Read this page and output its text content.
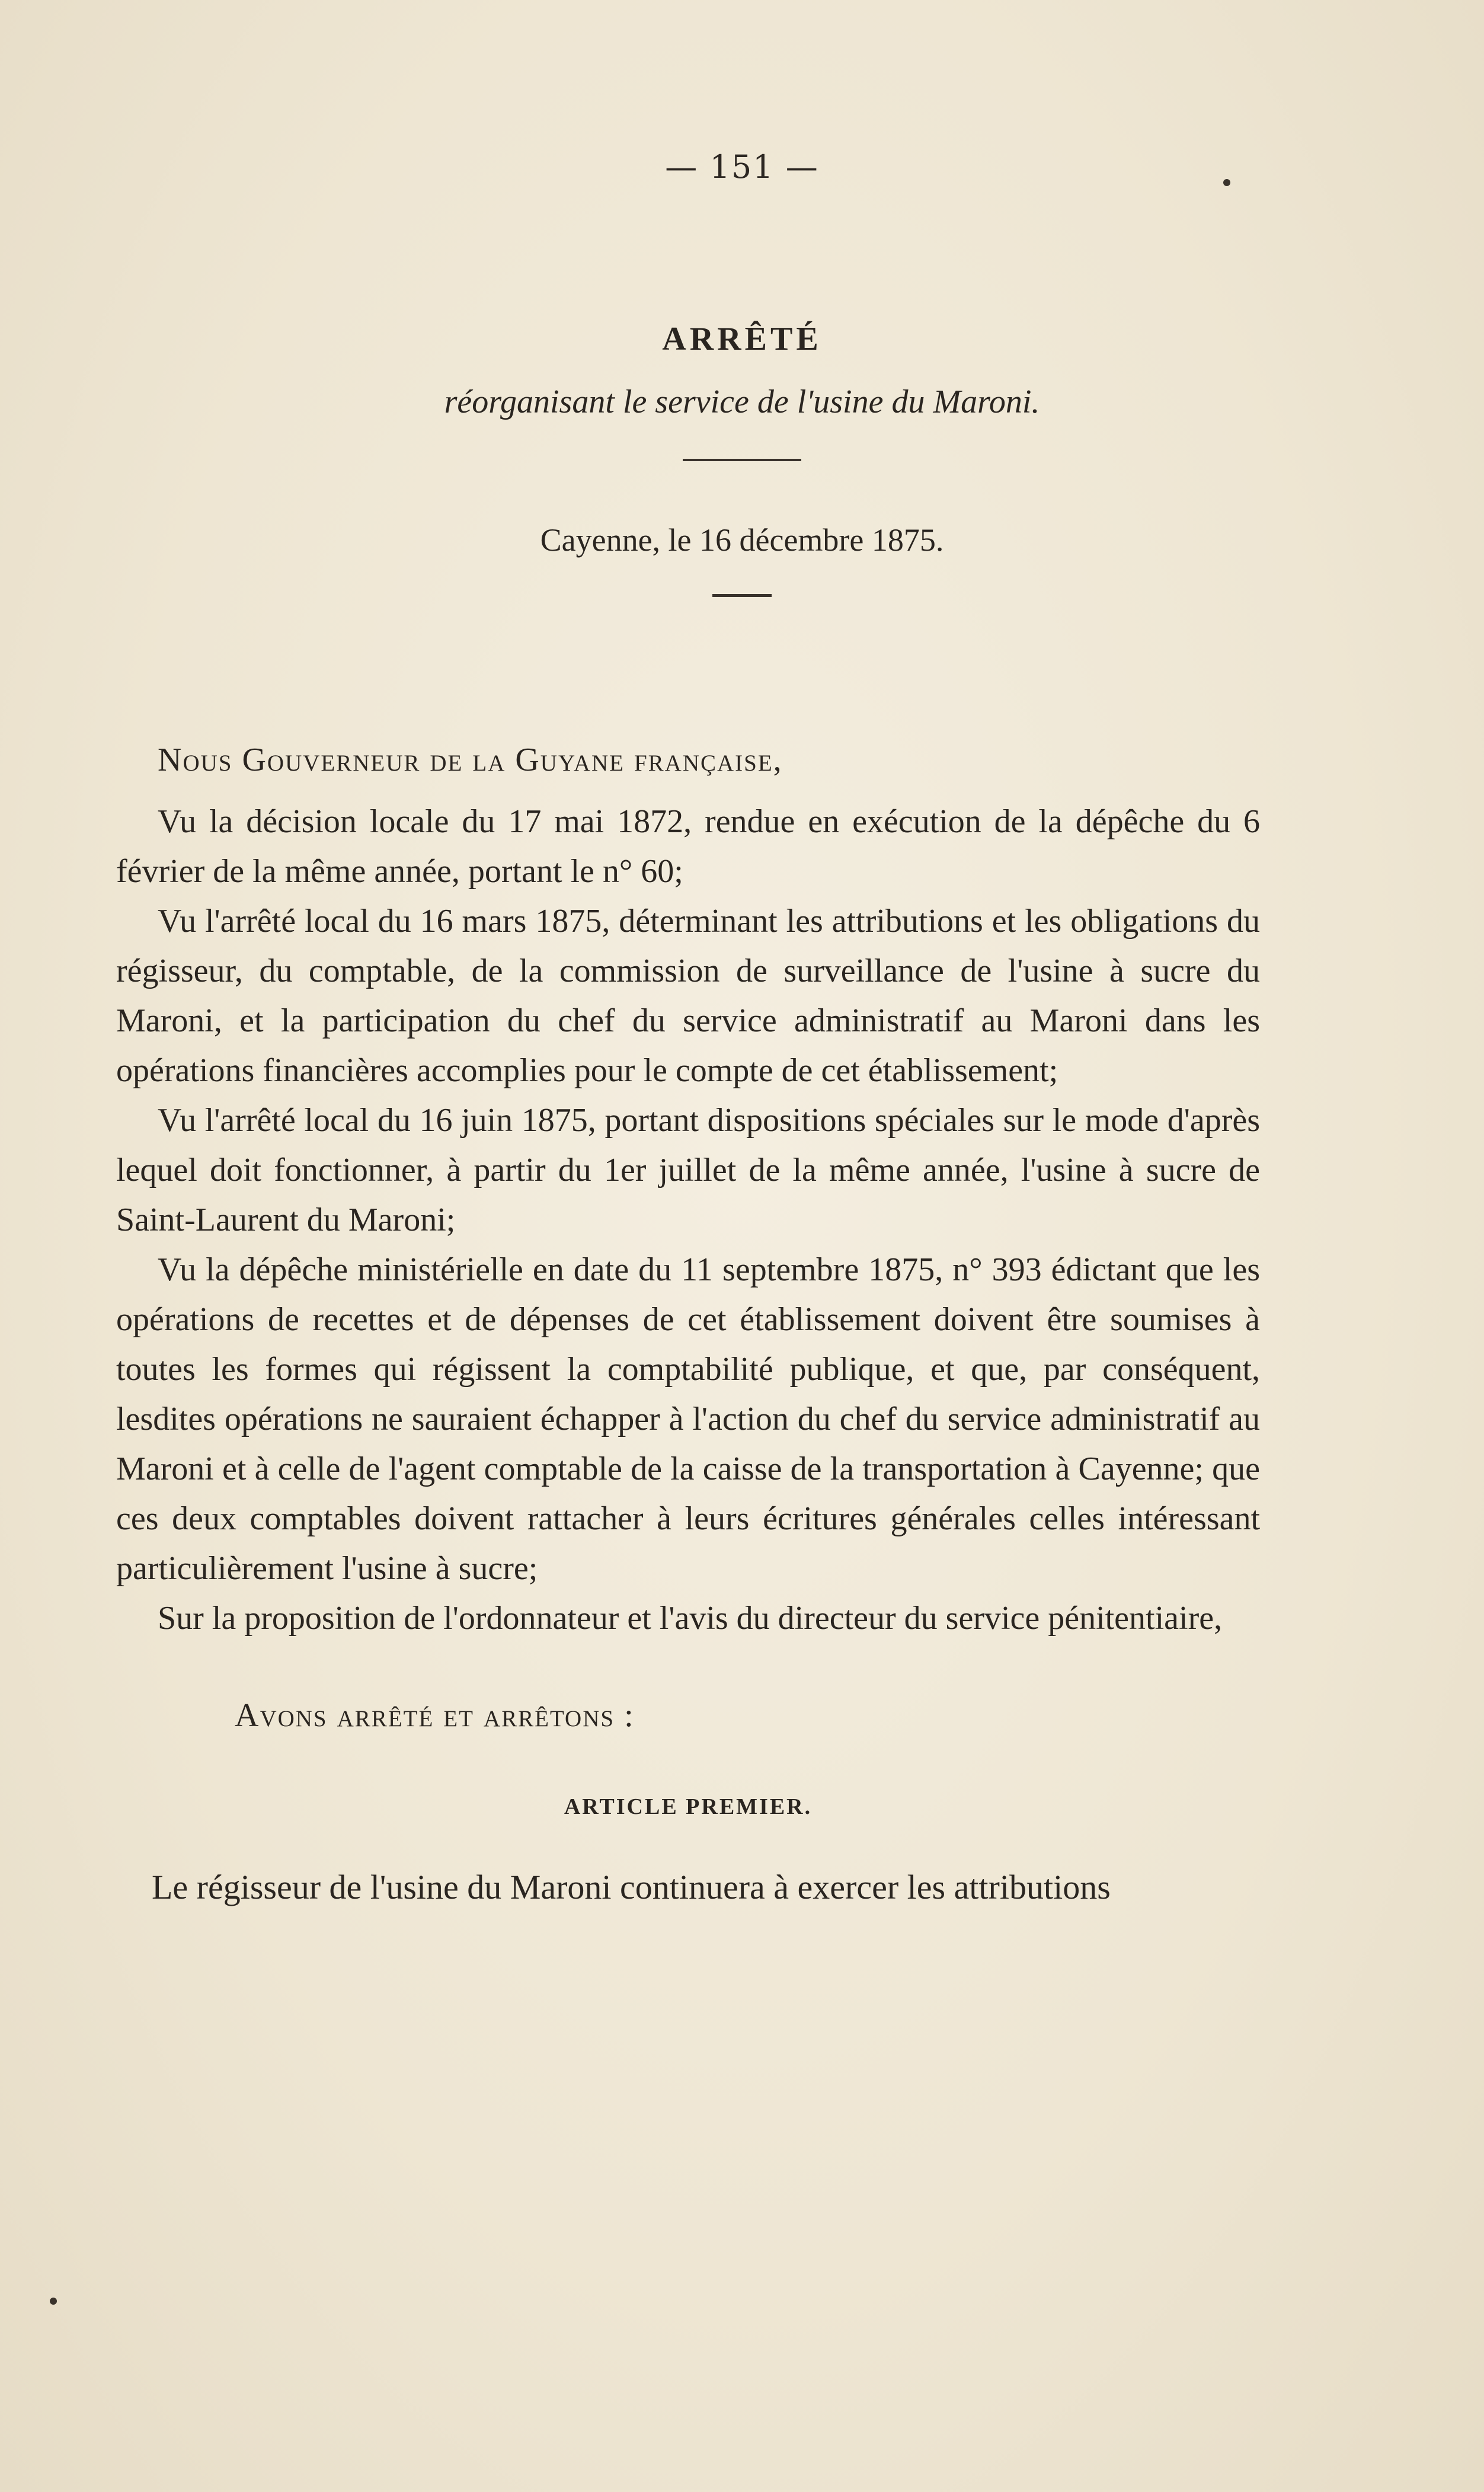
— 151 —
ARRÊTÉ
réorganisant le service de l'usine du Maroni.
Cayenne, le 16 décembre 1875.

Nous Gouverneur de la Guyane française,

Vu la décision locale du 17 mai 1872, rendue en exécution de la dépêche du 6 février de la même année, portant le n° 60;

Vu l'arrêté local du 16 mars 1875, déterminant les attributions et les obligations du régisseur, du comptable, de la commission de surveillance de l'usine à sucre du Maroni, et la participation du chef du service administratif au Maroni dans les opérations financières accomplies pour le compte de cet établissement;

Vu l'arrêté local du 16 juin 1875, portant dispositions spéciales sur le mode d'après lequel doit fonctionner, à partir du 1er juillet de la même année, l'usine à sucre de Saint-Laurent du Maroni;

Vu la dépêche ministérielle en date du 11 septembre 1875, n° 393 édictant que les opérations de recettes et de dépenses de cet établissement doivent être soumises à toutes les formes qui régissent la comptabilité publique, et que, par conséquent, lesdites opérations ne sauraient échapper à l'action du chef du service administratif au Maroni et à celle de l'agent comptable de la caisse de la transportation à Cayenne; que ces deux comptables doivent rattacher à leurs écritures générales celles intéressant particulièrement l'usine à sucre;

Sur la proposition de l'ordonnateur et l'avis du directeur du service pénitentiaire,

Avons arrêté et arrêtons :
ARTICLE PREMIER.

Le régisseur de l'usine du Maroni continuera à exercer les attributions
